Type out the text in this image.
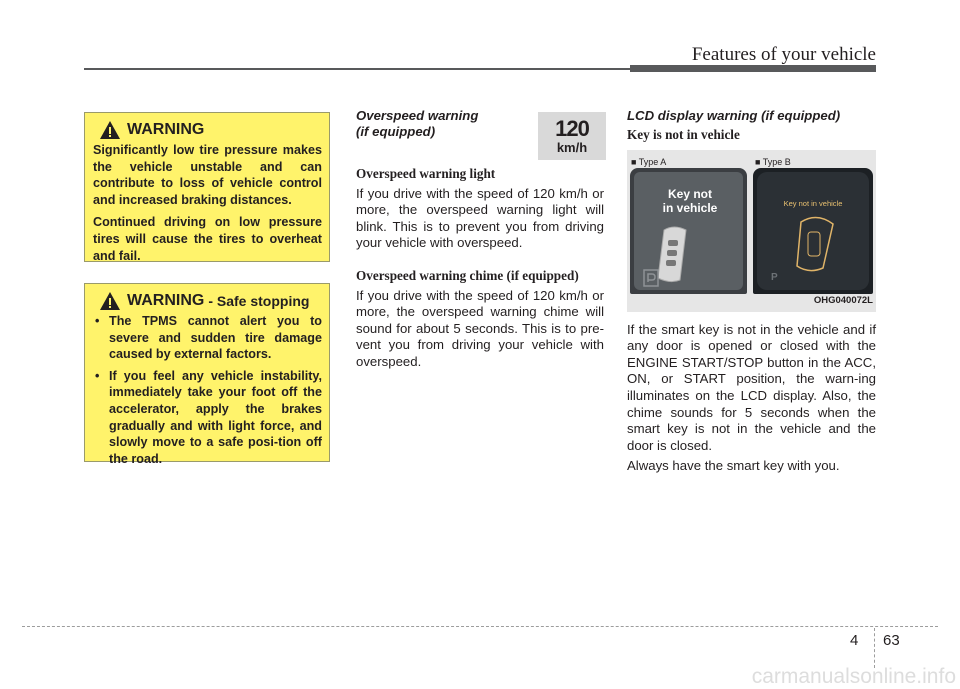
Features of your vehicle
WARNING

Significantly low tire pressure makes the vehicle unstable and can contribute to loss of vehicle control and increased braking distances.

Continued driving on low pressure tires will cause the tires to overheat and fail.

WARNING - Safe stopping
• The TPMS cannot alert you to severe and sudden tire damage caused by external factors.
• If you feel any vehicle instability, immediately take your foot off the accelerator, apply the brakes gradually and with light force, and slowly move to a safe posi-tion off the road.

Overspeed warning

(if equipped)

Overspeed warning light

If you drive with the speed of 120 km/h or more, the overspeed warning light will blink. This is to prevent you from driving your vehicle with overspeed.

Overspeed warning chime (if equipped)

If you drive with the speed of 120 km/h or more, the overspeed warning chime will sound for about 5 seconds. This is to pre-vent you from driving your vehicle with overspeed.

120
km/h

LCD display warning (if equipped)

Key is not in vehicle
■ Type A	■ Type B
Key not
in vehicle	Key not in vehicle
P
OHG040072L

If the smart key is not in the vehicle and if any door is opened or closed with the ENGINE START/STOP button in the ACC, ON, or START position, the warn-ing illuminates on the LCD display. Also, the chime sounds for 5 seconds when the smart key is not in the vehicle and the door is closed.

Always have the smart key with you.

4 63
carmanualsonline.info
